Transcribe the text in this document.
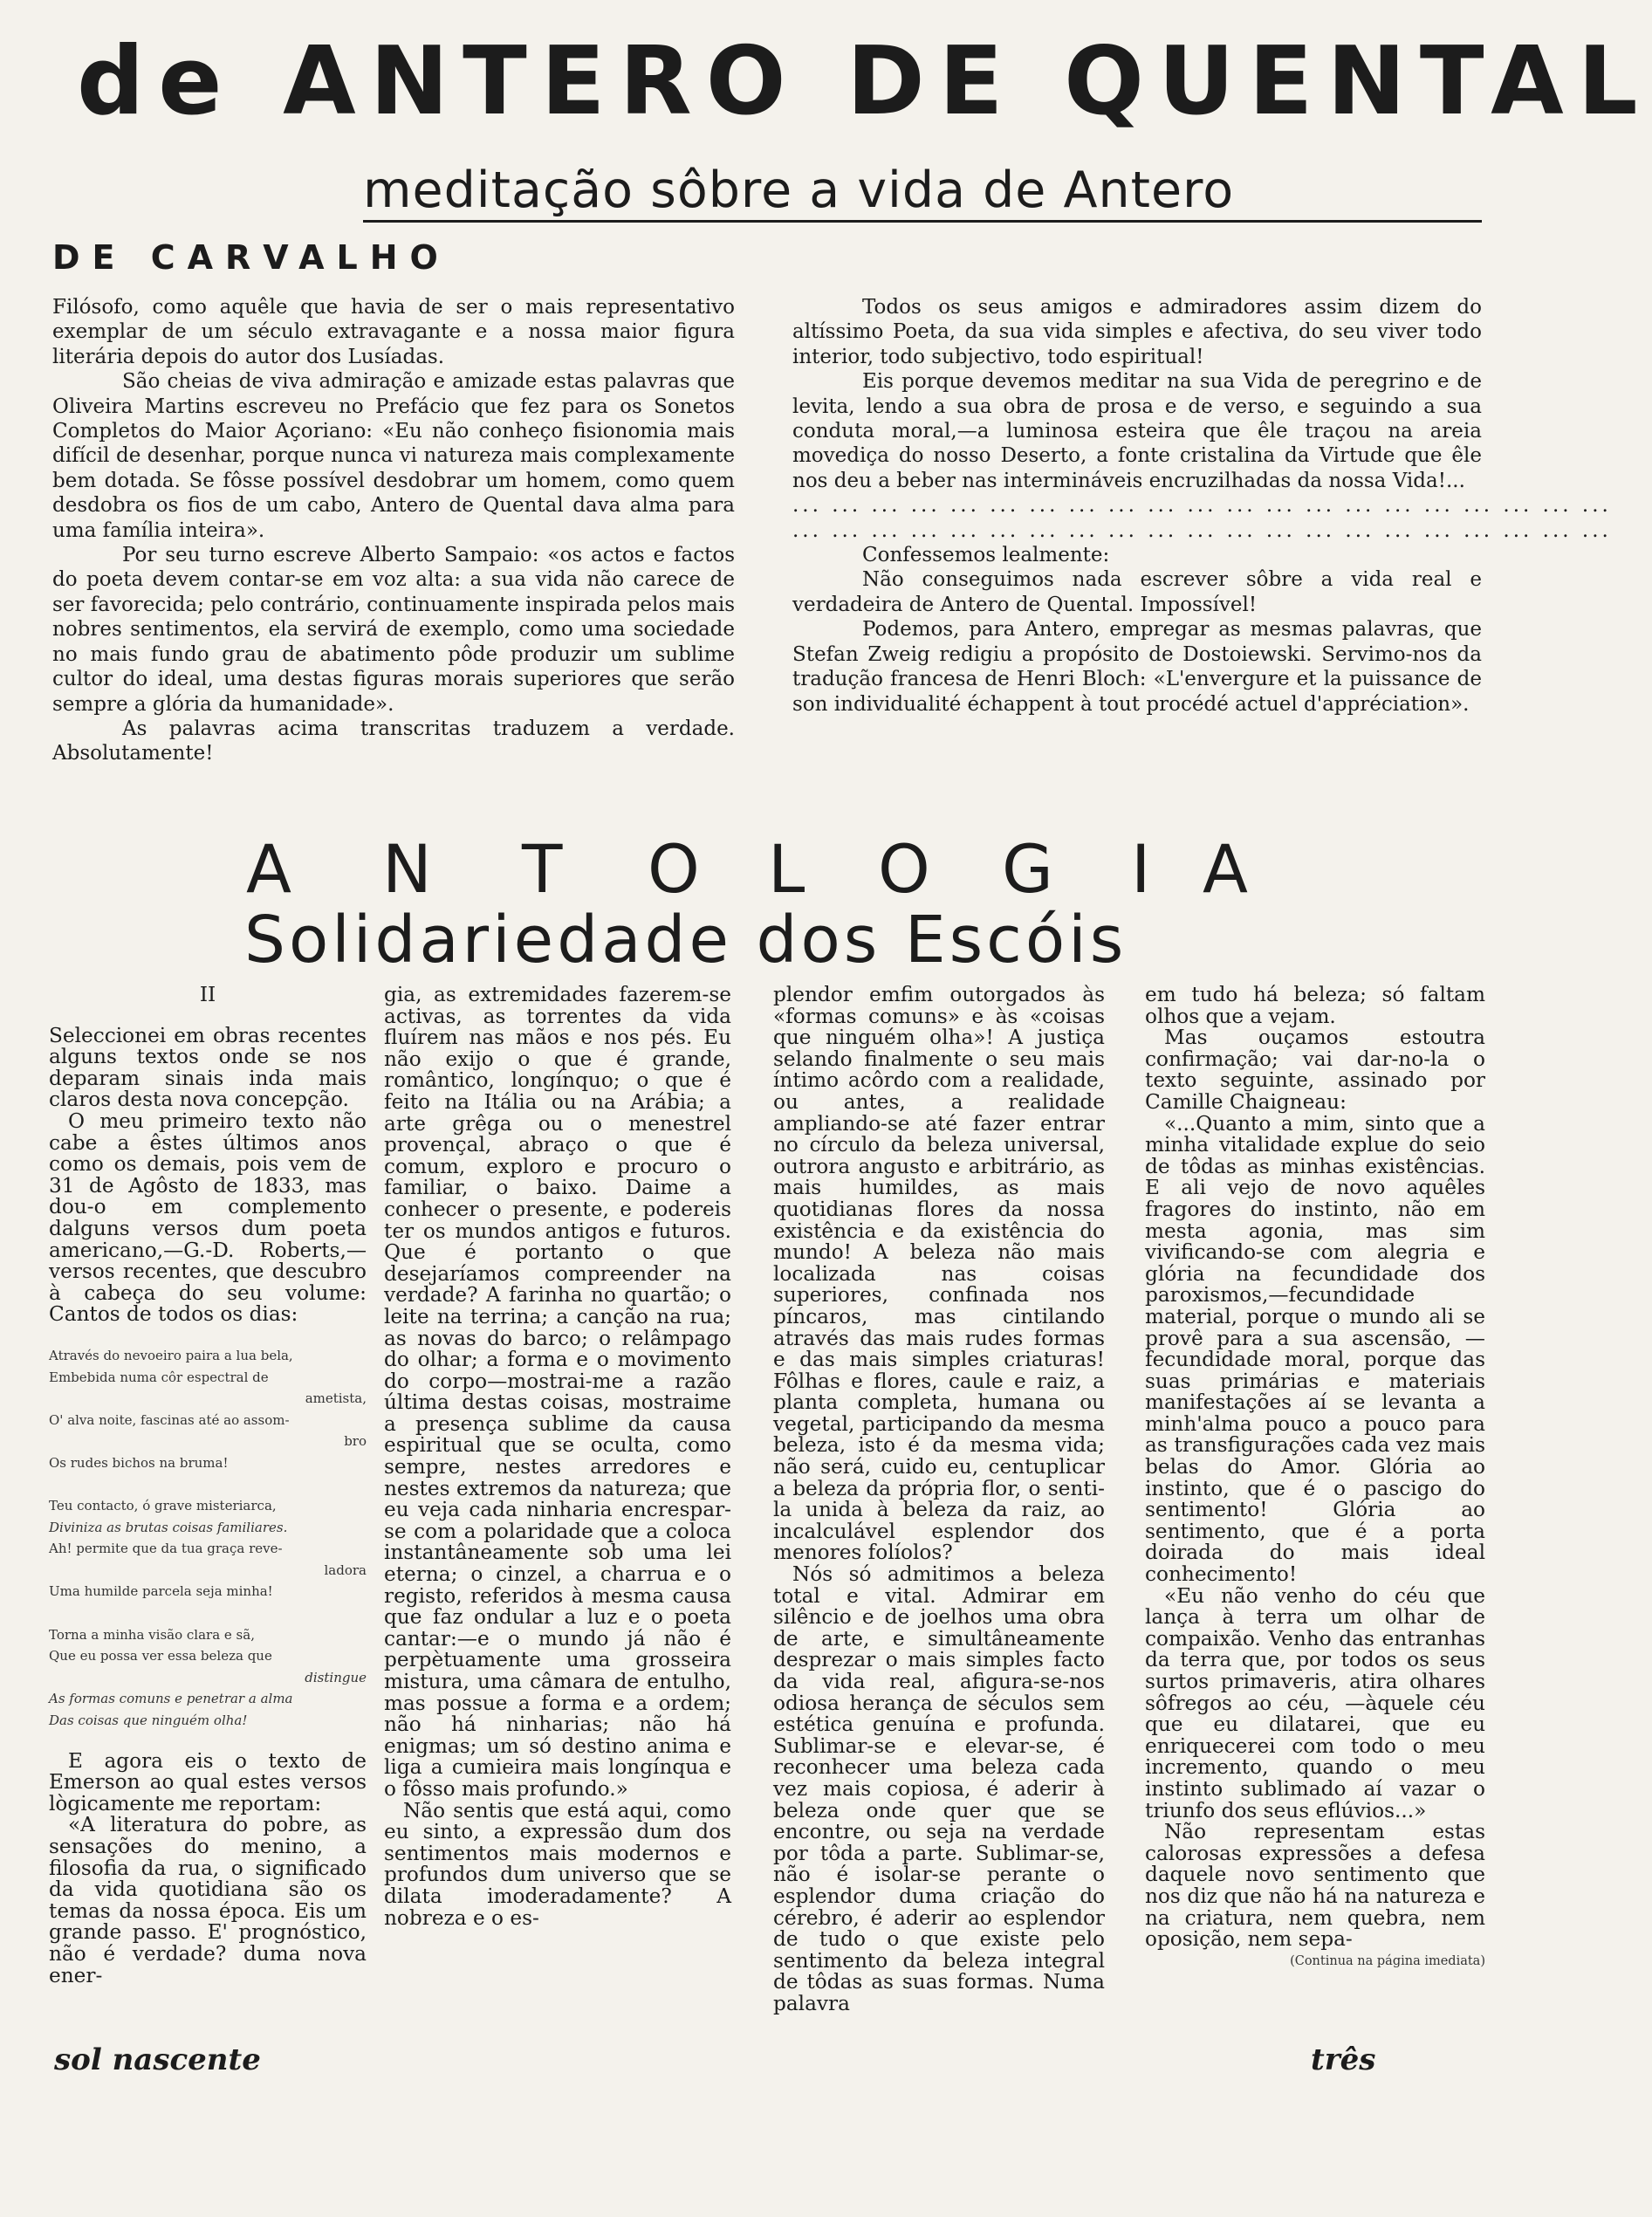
de ANTERO DE QUENTAL
meditação sôbre a vida de Antero
DE CARVALHO

Filósofo, como aquêle que havia de ser o mais representativo exemplar de um século extravagante e a nossa maior figura literária depois do autor dos Lusíadas.

São cheias de viva admiração e amizade estas palavras que Oliveira Martins escreveu no Prefácio que fez para os Sonetos Completos do Maior Açoriano: «Eu não conheço fisionomia mais difícil de desenhar, porque nunca vi natureza mais complexamente bem dotada. Se fôsse possível desdobrar um homem, como quem desdobra os fios de um cabo, Antero de Quental dava alma para uma família inteira».

Por seu turno escreve Alberto Sampaio: «os actos e factos do poeta devem contar-se em voz alta: a sua vida não carece de ser favorecida; pelo contrário, continuamente inspirada pelos mais nobres sentimentos, ela servirá de exemplo, como uma sociedade no mais fundo grau de abatimento pôde produzir um sublime cultor do ideal, uma destas figuras morais superiores que serão sempre a glória da humanidade».

As palavras acima transcritas traduzem a verdade. Absolutamente!

Todos os seus amigos e admiradores assim dizem do altíssimo Poeta, da sua vida simples e afectiva, do seu viver todo interior, todo subjectivo, todo espiritual!

Eis porque devemos meditar na sua Vida de peregrino e de levita, lendo a sua obra de prosa e de verso, e seguindo a sua conduta moral,—a luminosa esteira que êle traçou na areia movediça do nosso Deserto, a fonte cristalina da Virtude que êle nos deu a beber nas intermináveis encruzilhadas da nossa Vida!...

... ... ... ... ... ... ... ... ... ... ... ... ... ... ... ... ... ... ... ... ...

... ... ... ... ... ... ... ... ... ... ... ... ... ... ... ... ... ... ... ... ...

Confessemos lealmente:

Não conseguimos nada escrever sôbre a vida real e verdadeira de Antero de Quental. Impossível!

Podemos, para Antero, empregar as mesmas palavras, que Stefan Zweig redigiu a propósito de Dostoiewski. Servimo-nos da tradução francesa de Henri Bloch: «L'envergure et la puissance de son individualité échappent à tout procédé actuel d'appréciation».

A N T O L O G I A
Solidariedade dos Escóis

II

Seleccionei em obras recentes alguns textos onde se nos deparam sinais inda mais claros desta nova concepção.

O meu primeiro texto não cabe a êstes últimos anos como os demais, pois vem de 31 de Agôsto de 1833, mas dou-o em complemento dalguns versos dum poeta americano,—G.-D. Roberts,—versos recentes, que descubro à cabeça do seu volume: Cantos de todos os dias:

Através do nevoeiro paira a lua bela,

Embebida numa côr espectral de

ametista,

O' alva noite, fascinas até ao assom-

bro

Os rudes bichos na bruma!

Teu contacto, ó grave misteriarca,

Diviniza as brutas coisas familiares.

Ah! permite que da tua graça reve-

ladora

Uma humilde parcela seja minha!

Torna a minha visão clara e sã,

Que eu possa ver essa beleza que

distingue

As formas comuns e penetrar a alma

Das coisas que ninguém olha!

E agora eis o texto de Emerson ao qual estes versos lògicamente me reportam:

«A literatura do pobre, as sensações do menino, a filosofia da rua, o significado da vida quotidiana são os temas da nossa época. Eis um grande passo. E' prognóstico, não é verdade? duma nova ener-

gia, as extremidades fazerem-se activas, as torrentes da vida fluírem nas mãos e nos pés. Eu não exijo o que é grande, romântico, longínquo; o que é feito na Itália ou na Arábia; a arte grêga ou o menestrel provençal, abraço o que é comum, exploro e procuro o familiar, o baixo. Daime a conhecer o presente, e podereis ter os mundos antigos e futuros. Que é portanto o que desejaríamos compreender na verdade? A farinha no quartão; o leite na terrina; a canção na rua; as novas do barco; o relâmpago do olhar; a forma e o movimento do corpo—mostrai-me a razão última destas coisas, mostraime a presença sublime da causa espiritual que se oculta, como sempre, nestes arredores e nestes extremos da natureza; que eu veja cada ninharia encrespar-se com a polaridade que a coloca instantâneamente sob uma lei eterna; o cinzel, a charrua e o registo, referidos à mesma causa que faz ondular a luz e o poeta cantar:—e o mundo já não é perpètuamente uma grosseira mistura, uma câmara de entulho, mas possue a forma e a ordem; não há ninharias; não há enigmas; um só destino anima e liga a cumieira mais longínqua e o fôsso mais profundo.»

Não sentis que está aqui, como eu sinto, a expressão dum dos sentimentos mais modernos e profundos dum universo que se dilata imoderadamente? A nobreza e o es-

plendor emfim outorgados às «formas comuns» e às «coisas que ninguém olha»! A justiça selando finalmente o seu mais íntimo acôrdo com a realidade, ou antes, a realidade ampliando-se até fazer entrar no círculo da beleza universal, outrora angusto e arbitrário, as mais humildes, as mais quotidianas flores da nossa existência e da existência do mundo! A beleza não mais localizada nas coisas superiores, confinada nos píncaros, mas cintilando através das mais rudes formas e das mais simples criaturas! Fôlhas e flores, caule e raiz, a planta completa, humana ou vegetal, participando da mesma beleza, isto é da mesma vida; não será, cuido eu, centuplicar a beleza da própria flor, o senti-la unida à beleza da raiz, ao incalculável esplendor dos menores folíolos?

Nós só admitimos a beleza total e vital. Admirar em silêncio e de joelhos uma obra de arte, e simultâneamente desprezar o mais simples facto da vida real, afigura-se-nos odiosa herança de séculos sem estética genuína e profunda. Sublimar-se e elevar-se, é reconhecer uma beleza cada vez mais copiosa, é aderir à beleza onde quer que se encontre, ou seja na verdade por tôda a parte. Sublimar-se, não é isolar-se perante o esplendor duma criação do cérebro, é aderir ao esplendor de tudo o que existe pelo sentimento da beleza integral de tôdas as suas formas. Numa palavra

em tudo há beleza; só faltam olhos que a vejam.

Mas ouçamos estoutra confirmação; vai dar-no-la o texto seguinte, assinado por Camille Chaigneau:

«...Quanto a mim, sinto que a minha vitalidade explue do seio de tôdas as minhas existências. E ali vejo de novo aquêles fragores do instinto, não em mesta agonia, mas sim vivificando-se com alegria e glória na fecundidade dos paroxismos,—fecundidade material, porque o mundo ali se provê para a sua ascensão, —fecundidade moral, porque das suas primárias e materiais manifestações aí se levanta a minh'alma pouco a pouco para as transfigurações cada vez mais belas do Amor. Glória ao instinto, que é o pascigo do sentimento! Glória ao sentimento, que é a porta doirada do mais ideal conhecimento!

«Eu não venho do céu que lança à terra um olhar de compaixão. Venho das entranhas da terra que, por todos os seus surtos primaveris, atira olhares sôfregos ao céu, —àquele céu que eu dilatarei, que eu enriquecerei com todo o meu incremento, quando o meu instinto sublimado aí vazar o triunfo dos seus eflúvios...»

Não representam estas calorosas expressões a defesa daquele novo sentimento que nos diz que não há na natureza e na criatura, nem quebra, nem oposição, nem sepa-

(Continua na página imediata)

sol nascente	três
